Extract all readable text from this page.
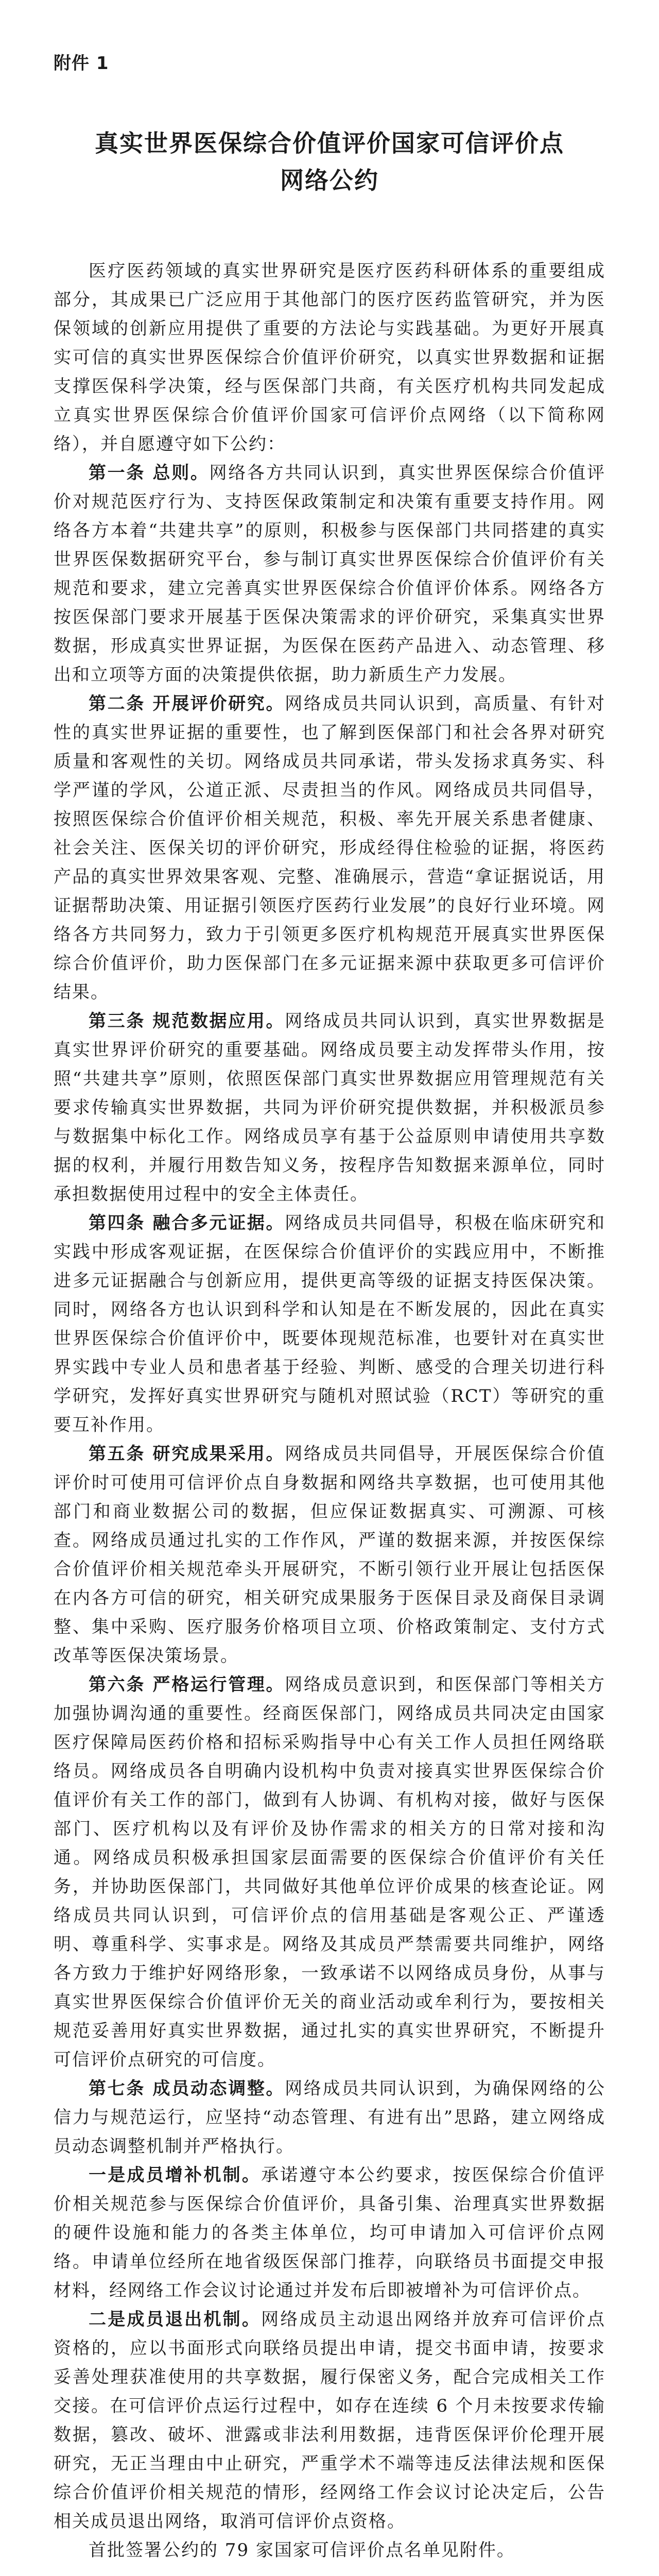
附件 1
真实世界医保综合价值评价国家可信评价点
网络公约

医疗医药领域的真实世界研究是医疗医药科研体系的重要组成部分，其成果已广泛应用于其他部门的医疗医药监管研究，并为医保领域的创新应用提供了重要的方法论与实践基础。为更好开展真实可信的真实世界医保综合价值评价研究，以真实世界数据和证据支撑医保科学决策，经与医保部门共商，有关医疗机构共同发起成立真实世界医保综合价值评价国家可信评价点网络（以下简称网络），并自愿遵守如下公约：

第一条 总则。网络各方共同认识到，真实世界医保综合价值评价对规范医疗行为、支持医保政策制定和决策有重要支持作用。网络各方本着“共建共享”的原则，积极参与医保部门共同搭建的真实世界医保数据研究平台，参与制订真实世界医保综合价值评价有关规范和要求，建立完善真实世界医保综合价值评价体系。网络各方按医保部门要求开展基于医保决策需求的评价研究，采集真实世界数据，形成真实世界证据，为医保在医药产品进入、动态管理、移出和立项等方面的决策提供依据，助力新质生产力发展。

第二条 开展评价研究。网络成员共同认识到，高质量、有针对性的真实世界证据的重要性，也了解到医保部门和社会各界对研究质量和客观性的关切。网络成员共同承诺，带头发扬求真务实、科学严谨的学风，公道正派、尽责担当的作风。网络成员共同倡导，按照医保综合价值评价相关规范，积极、率先开展关系患者健康、社会关注、医保关切的评价研究，形成经得住检验的证据，将医药产品的真实世界效果客观、完整、准确展示，营造“拿证据说话，用证据帮助决策、用证据引领医疗医药行业发展”的良好行业环境。网络各方共同努力，致力于引领更多医疗机构规范开展真实世界医保综合价值评价，助力医保部门在多元证据来源中获取更多可信评价结果。

第三条 规范数据应用。网络成员共同认识到，真实世界数据是真实世界评价研究的重要基础。网络成员要主动发挥带头作用，按照“共建共享”原则，依照医保部门真实世界数据应用管理规范有关要求传输真实世界数据，共同为评价研究提供数据，并积极派员参与数据集中标化工作。网络成员享有基于公益原则申请使用共享数据的权利，并履行用数告知义务，按程序告知数据来源单位，同时承担数据使用过程中的安全主体责任。

第四条 融合多元证据。网络成员共同倡导，积极在临床研究和实践中形成客观证据，在医保综合价值评价的实践应用中，不断推进多元证据融合与创新应用，提供更高等级的证据支持医保决策。同时，网络各方也认识到科学和认知是在不断发展的，因此在真实世界医保综合价值评价中，既要体现规范标准，也要针对在真实世界实践中专业人员和患者基于经验、判断、感受的合理关切进行科学研究，发挥好真实世界研究与随机对照试验（RCT）等研究的重要互补作用。

第五条 研究成果采用。网络成员共同倡导，开展医保综合价值评价时可使用可信评价点自身数据和网络共享数据，也可使用其他部门和商业数据公司的数据，但应保证数据真实、可溯源、可核查。网络成员通过扎实的工作作风，严谨的数据来源，并按医保综合价值评价相关规范牵头开展研究，不断引领行业开展让包括医保在内各方可信的研究，相关研究成果服务于医保目录及商保目录调整、集中采购、医疗服务价格项目立项、价格政策制定、支付方式改革等医保决策场景。

第六条 严格运行管理。网络成员意识到，和医保部门等相关方加强协调沟通的重要性。经商医保部门，网络成员共同决定由国家医疗保障局医药价格和招标采购指导中心有关工作人员担任网络联络员。网络成员各自明确内设机构中负责对接真实世界医保综合价值评价有关工作的部门，做到有人协调、有机构对接，做好与医保部门、医疗机构以及有评价及协作需求的相关方的日常对接和沟通。网络成员积极承担国家层面需要的医保综合价值评价有关任务，并协助医保部门，共同做好其他单位评价成果的核查论证。网络成员共同认识到，可信评价点的信用基础是客观公正、严谨透明、尊重科学、实事求是。网络及其成员严禁需要共同维护，网络各方致力于维护好网络形象，一致承诺不以网络成员身份，从事与真实世界医保综合价值评价无关的商业活动或牟利行为，要按相关规范妥善用好真实世界数据，通过扎实的真实世界研究，不断提升可信评价点研究的可信度。

第七条 成员动态调整。网络成员共同认识到，为确保网络的公信力与规范运行，应坚持“动态管理、有进有出”思路，建立网络成员动态调整机制并严格执行。

一是成员增补机制。承诺遵守本公约要求，按医保综合价值评价相关规范参与医保综合价值评价，具备引集、治理真实世界数据的硬件设施和能力的各类主体单位，均可申请加入可信评价点网络。申请单位经所在地省级医保部门推荐，向联络员书面提交申报材料，经网络工作会议讨论通过并发布后即被增补为可信评价点。

二是成员退出机制。网络成员主动退出网络并放弃可信评价点资格的，应以书面形式向联络员提出申请，提交书面申请，按要求妥善处理获准使用的共享数据，履行保密义务，配合完成相关工作交接。在可信评价点运行过程中，如存在连续 6 个月未按要求传输数据，篡改、破坏、泄露或非法利用数据，违背医保评价伦理开展研究，无正当理由中止研究，严重学术不端等违反法律法规和医保综合价值评价相关规范的情形，经网络工作会议讨论决定后，公告相关成员退出网络，取消可信评价点资格。

首批签署公约的 79 家国家可信评价点名单见附件。
